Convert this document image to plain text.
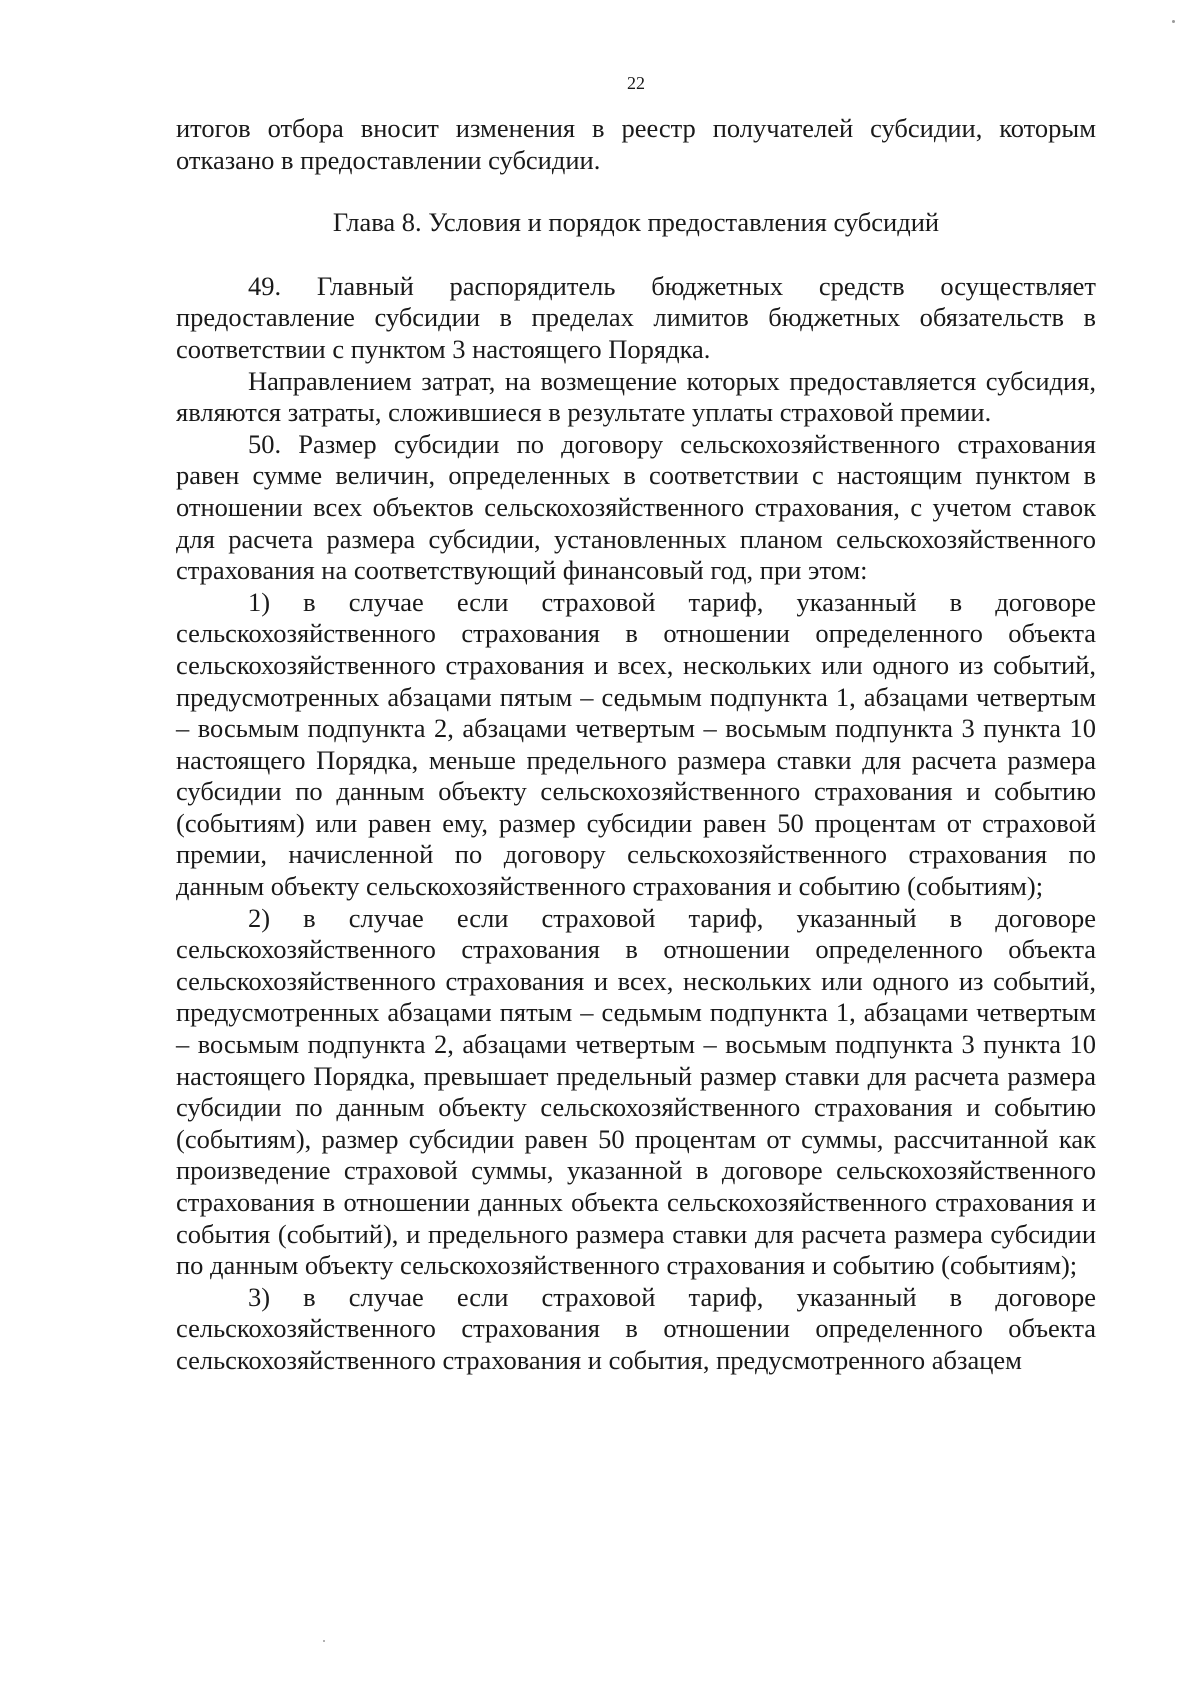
22

итогов отбора вносит изменения в реестр получателей субсидии, которым отказано в предоставлении субсидии.

Глава 8. Условия и порядок предоставления субсидий

49. Главный распорядитель бюджетных средств осуществляет предоставление субсидии в пределах лимитов бюджетных обязательств в соответствии с пунктом 3 настоящего Порядка.

Направлением затрат, на возмещение которых предоставляется субсидия, являются затраты, сложившиеся в результате уплаты страховой премии.

50. Размер субсидии по договору сельскохозяйственного страхования равен сумме величин, определенных в соответствии с настоящим пунктом в отношении всех объектов сельскохозяйственного страхования, с учетом ставок для расчета размера субсидии, установленных планом сельскохозяйственного страхования на соответствующий финансовый год, при этом:

1) в случае если страховой тариф, указанный в договоре сельскохозяйственного страхования в отношении определенного объекта сельскохозяйственного страхования и всех, нескольких или одного из событий, предусмотренных абзацами пятым – седьмым подпункта 1, абзацами четвертым – восьмым подпункта 2, абзацами четвертым – восьмым подпункта 3 пункта 10 настоящего Порядка, меньше предельного размера ставки для расчета размера субсидии по данным объекту сельскохозяйственного страхования и событию (событиям) или равен ему, размер субсидии равен 50 процентам от страховой премии, начисленной по договору сельскохозяйственного страхования по данным объекту сельскохозяйственного страхования и событию (событиям);

2) в случае если страховой тариф, указанный в договоре сельскохозяйственного страхования в отношении определенного объекта сельскохозяйственного страхования и всех, нескольких или одного из событий, предусмотренных абзацами пятым – седьмым подпункта 1, абзацами четвертым – восьмым подпункта 2, абзацами четвертым – восьмым подпункта 3 пункта 10 настоящего Порядка, превышает предельный размер ставки для расчета размера субсидии по данным объекту сельскохозяйственного страхования и событию (событиям), размер субсидии равен 50 процентам от суммы, рассчитанной как произведение страховой суммы, указанной в договоре сельскохозяйственного страхования в отношении данных объекта сельскохозяйственного страхования и события (событий), и предельного размера ставки для расчета размера субсидии по данным объекту сельскохозяйственного страхования и событию (событиям);

3) в случае если страховой тариф, указанный в договоре сельскохозяйственного страхования в отношении определенного объекта сельскохозяйственного страхования и события, предусмотренного абзацем
